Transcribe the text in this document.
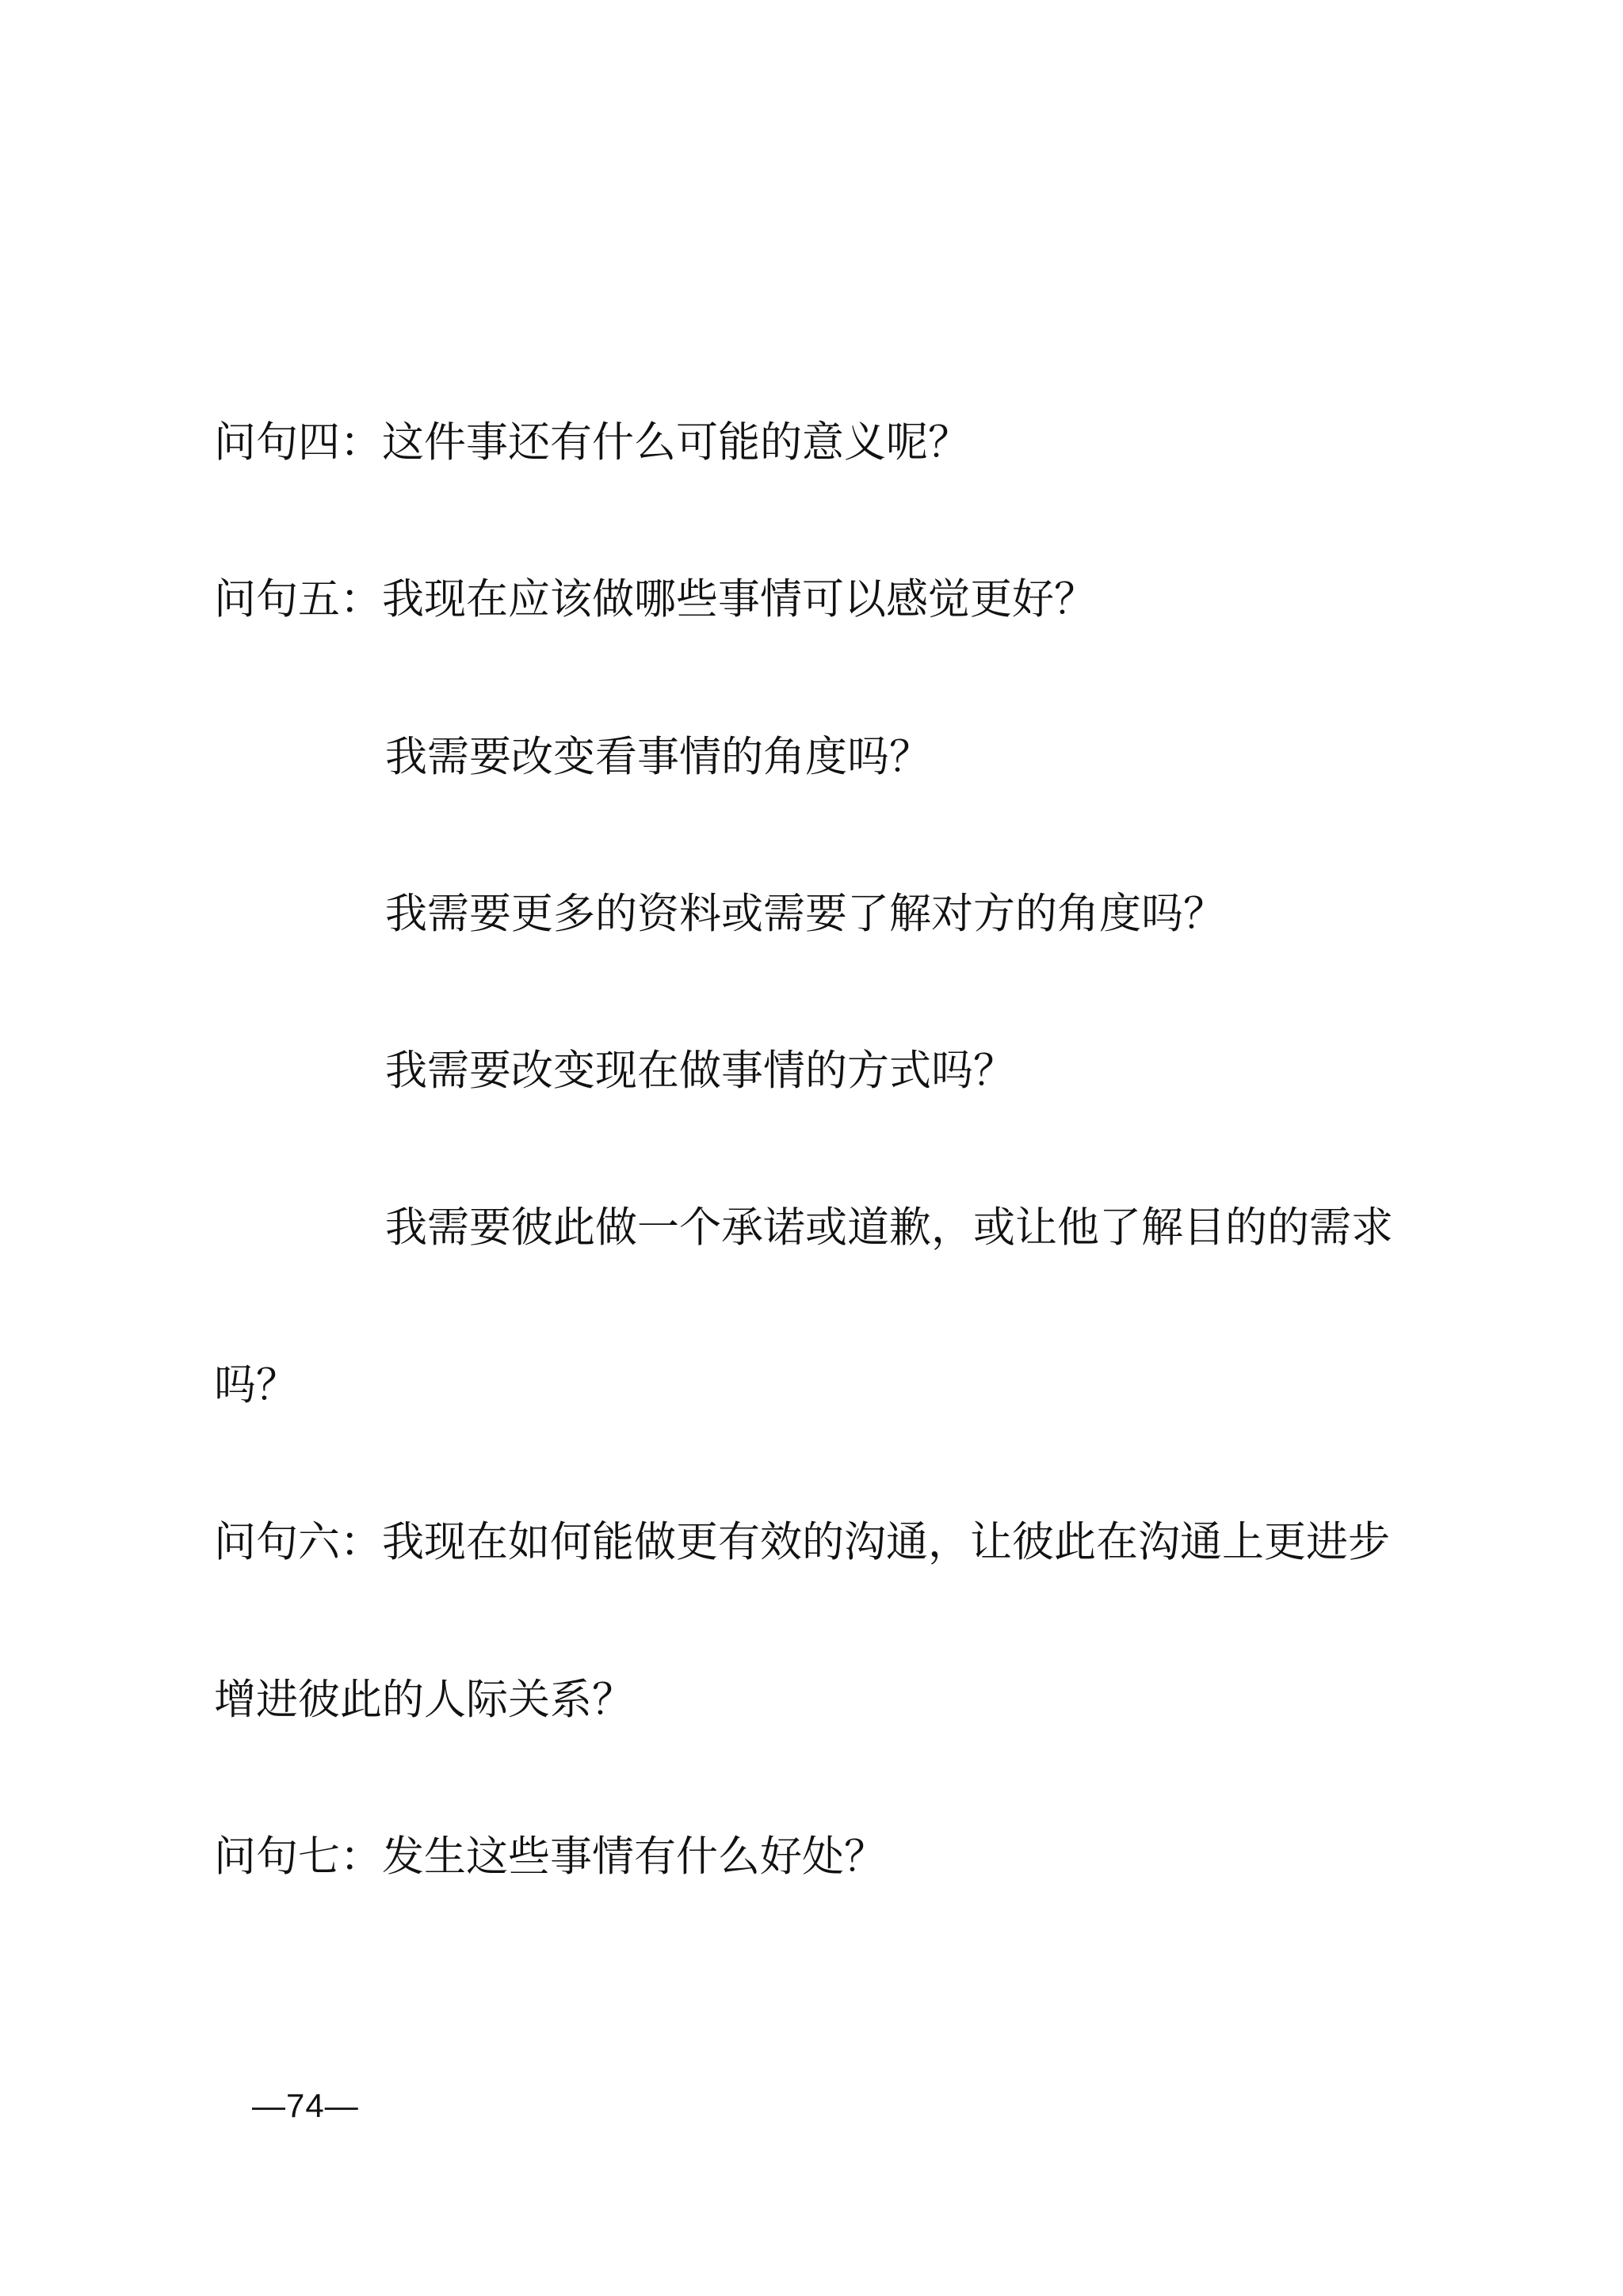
问句四：这件事还有什么可能的意义呢？
问句五：我现在应该做哪些事情可以感觉更好？
我需要改变看事情的角度吗？
我需要更多的资料或需要了解对方的角度吗？
我需要改变现在做事情的方式吗？
我需要彼此做一个承诺或道歉，或让他了解目的的需求
吗？
问句六：我现在如何能做更有效的沟通，让彼此在沟通上更进步
增进彼此的人际关系？
问句七：发生这些事情有什么好处？
—74—
